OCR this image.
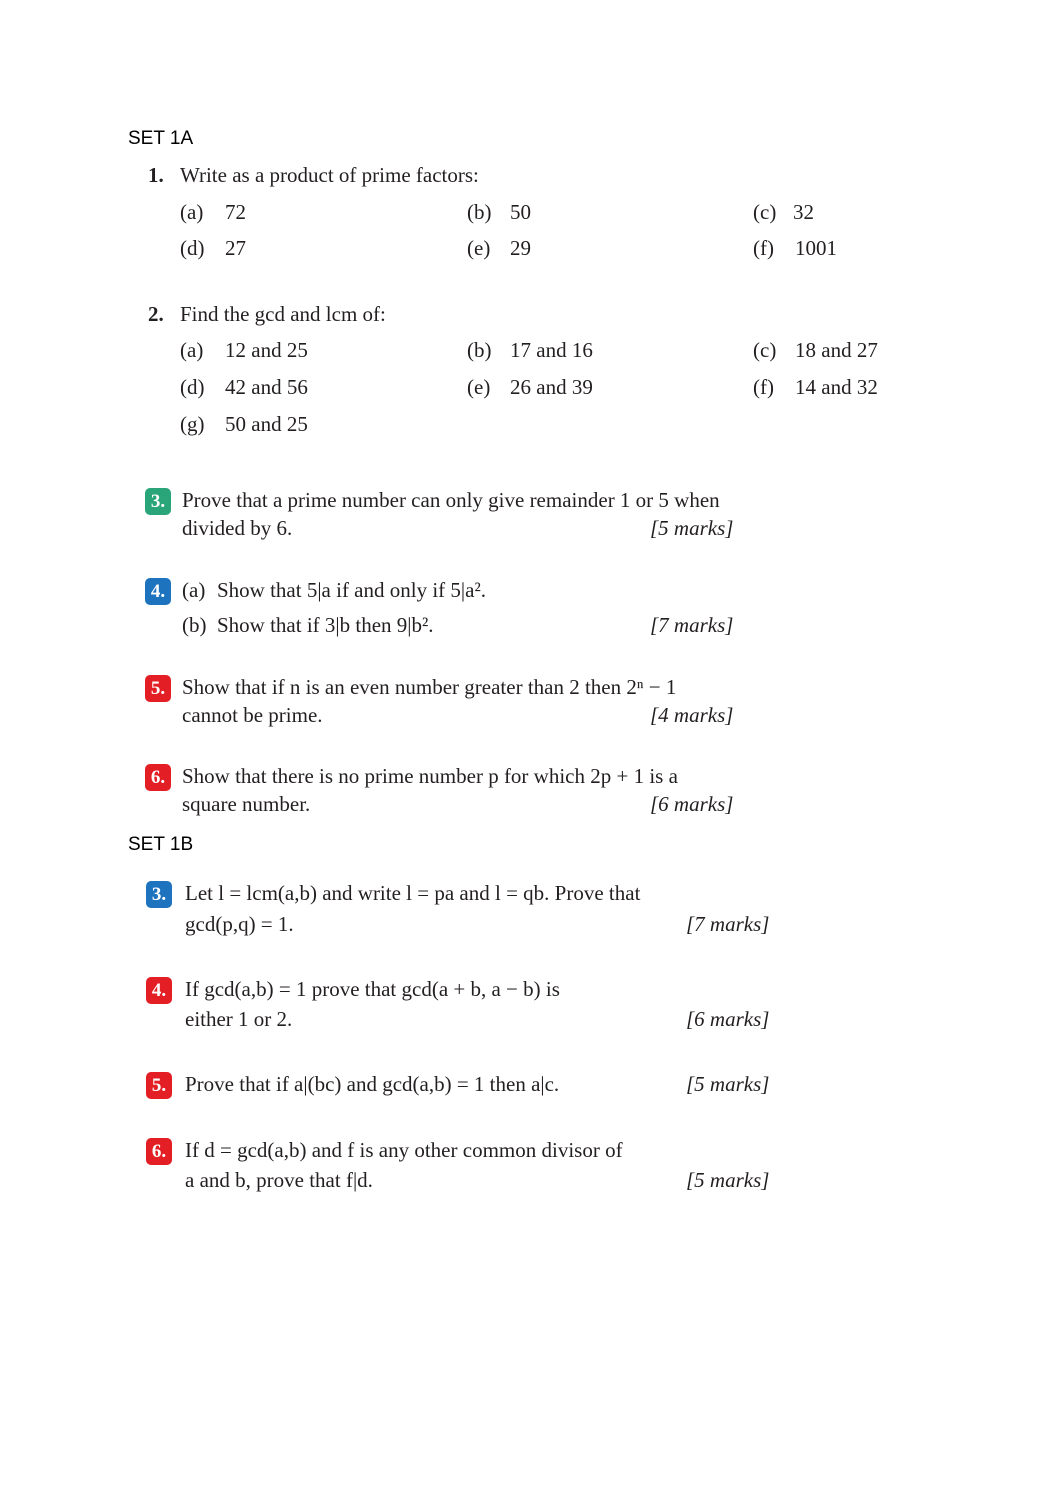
SET 1A
1. Write as a product of prime factors:
(a) 72	(b) 50	(c) 32
(d) 27	(e) 29	(f) 1001
2. Find the gcd and lcm of:
(a) 12 and 25	(b) 17 and 16	(c) 18 and 27
(d) 42 and 56	(e) 26 and 39	(f) 14 and 32
(g) 50 and 25
3. Prove that a prime number can only give remainder 1 or 5 when
divided by 6.	[5 marks]
4. (a) Show that 5|a if and only if 5|a².
(b) Show that if 3|b then 9|b².	[7 marks]
5. Show that if n is an even number greater than 2 then 2ⁿ − 1
cannot be prime.	[4 marks]
6. Show that there is no prime number p for which 2p + 1 is a
square number.	[6 marks]
SET 1B
3. Let l = lcm(a,b) and write l = pa and l = qb. Prove that
gcd(p,q) = 1.	[7 marks]
4. If gcd(a,b) = 1 prove that gcd(a + b, a − b) is
either 1 or 2.	[6 marks]
5. Prove that if a|(bc) and gcd(a,b) = 1 then a|c.	[5 marks]
6. If d = gcd(a,b) and f is any other common divisor of
a and b, prove that f|d.	[5 marks]
